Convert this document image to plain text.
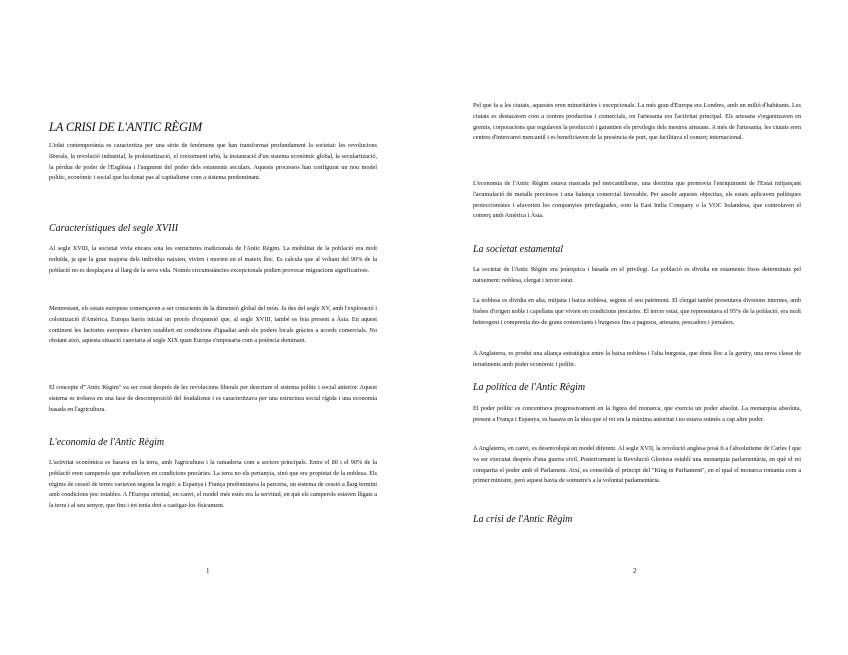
LA CRISI DE L'ANTIC RÈGIM

L'edat contemporània es caracteritza per una sèrie de fenòmens que han transformat profundament la societat: les revolucions liberals, la revolució industrial, la proletarització, el creixement urbà, la instauració d'un sistema econòmic global, la secularització, la pèrdua de poder de l'Església i l'augment del poder dels estaments seculars. Aquests processos han configurat un nou model polític, econòmic i social que ha donat pas al capitalisme com a sistema predominant.

Característiques del segle XVIII

Al segle XVIII, la societat vivia encara sota les estructures tradicionals de l'Antic Règim. La mobilitat de la població era molt reduïda, ja que la gran majoria dels individus naixien, vivien i morien en el mateix lloc. Es calcula que al voltant del 90% de la població no es desplaçava al llarg de la seva vida. Només circumstàncies excepcionals podien provocar migracions significatives.

Mentrestant, els estats europeus començaven a ser conscients de la dimensió global del món. Ja des del segle XV, amb l'exploració i colonització d'Amèrica, Europa havia iniciat un procés d'expansió que, al segle XVIII, també es feia present a Àsia. En aquest continent les factories europees s'havien establert en condicions d'igualtat amb els poders locals gràcies a acords comercials. No obstant això, aquesta situació canviaria al segle XIX quan Europa s'imposaria com a potència dominant.

El concepte d'"Antic Règim" va ser creat després de les revolucions liberals per descriure el sistema polític i social anterior. Aquest sistema es trobava en una fase de descomposició del feudalisme i es caracteritzava per una estructura social rígida i una economia basada en l'agricultura.

L'economia de l'Antic Règim

L'activitat econòmica es basava en la terra, amb l'agricultura i la ramaderia com a sectors principals. Entre el 80 i el 90% de la població eren camperols que treballaven en condicions precàries. La terra no els pertanyia, sinó que era propietat de la noblesa. Els règims de cessió de terres variaven segons la regió: a Espanya i França predominava la parceria, un sistema de cessió a llarg termini amb condicions poc estables. A l'Europa oriental, en canvi, el model més estès era la servitud, en què els camperols estaven lligats a la terra i al seu senyor, que fins i tot tenia dret a castigar-los físicament.

1

Pel que fa a les ciutats, aquestes eren minoritàries i excepcionals. La més gran d'Europa era Londres, amb un milió d'habitants. Les ciutats es destacaven com a centres productius i comercials, on l'artesania era l'activitat principal. Els artesans s'organitzaven en gremis, corporacions que regulaven la producció i garantien els privilegis dels mestres artesans. A més de l'artesania, les ciutats eren centres d'intercanvi mercantil i es beneficiaven de la presència de port, que facilitava el comerç internacional.

L'economia de l'Antic Règim estava marcada pel mercantilisme, una doctrina que promovia l'enriquiment de l'Estat mitjançant l'acumulació de metalls preciosos i una balança comercial favorable. Per assolir aquests objectius, els estats aplicaven polítiques proteccionistes i afavorien les companyies privilegiades, com la East India Company o la VOC holandesa, que controlaven el comerç amb Amèrica i Àsia.

La societat estamental

La societat de l'Antic Règim era jeràrquica i basada en el privilegi. La població es dividia en estaments fixos determinats pel naixement: noblesa, clergat i tercer estat.

La noblesa es dividia en alta, mitjana i baixa noblesa, segons el seu patrimoni. El clergat també presentava divisions internes, amb bisbes d'origen noble i capellans que vivien en condicions precàries. El tercer estat, que representava el 95% de la població, era molt heterogeni i comprenia des de grans comerciants i burgesos fins a pagesos, artesans, pescadors i jornalers.

A Anglaterra, es produí una aliança estratègica entre la baixa noblesa i l'alta burgesia, que donà lloc a la gentry, una nova classe de terratinents amb poder econòmic i polític.

La política de l'Antic Règim

El poder polític es concentrava progressivament en la figura del monarca, que exercia un poder absolut. La monarquia absoluta, present a França i Espanya, es basava en la idea que el rei era la màxima autoritat i no estava sotmès a cap altre poder.

A Anglaterra, en canvi, es desenvolupà un model diferent. Al segle XVII, la revolució anglesa posà fi a l'absolutisme de Carles I que va ser executat després d'una guerra civil. Posteriorment la Revolució Gloriosa establí una monarquia parlamentària, en què el rei compartia el poder amb el Parlament. Així, es consolidà el principi del "King in Parliament", en el qual el monarca romania com a primer ministre, però aquest havia de sotmetre's a la voluntat parlamentària.

La crisi de l'Antic Règim
2
